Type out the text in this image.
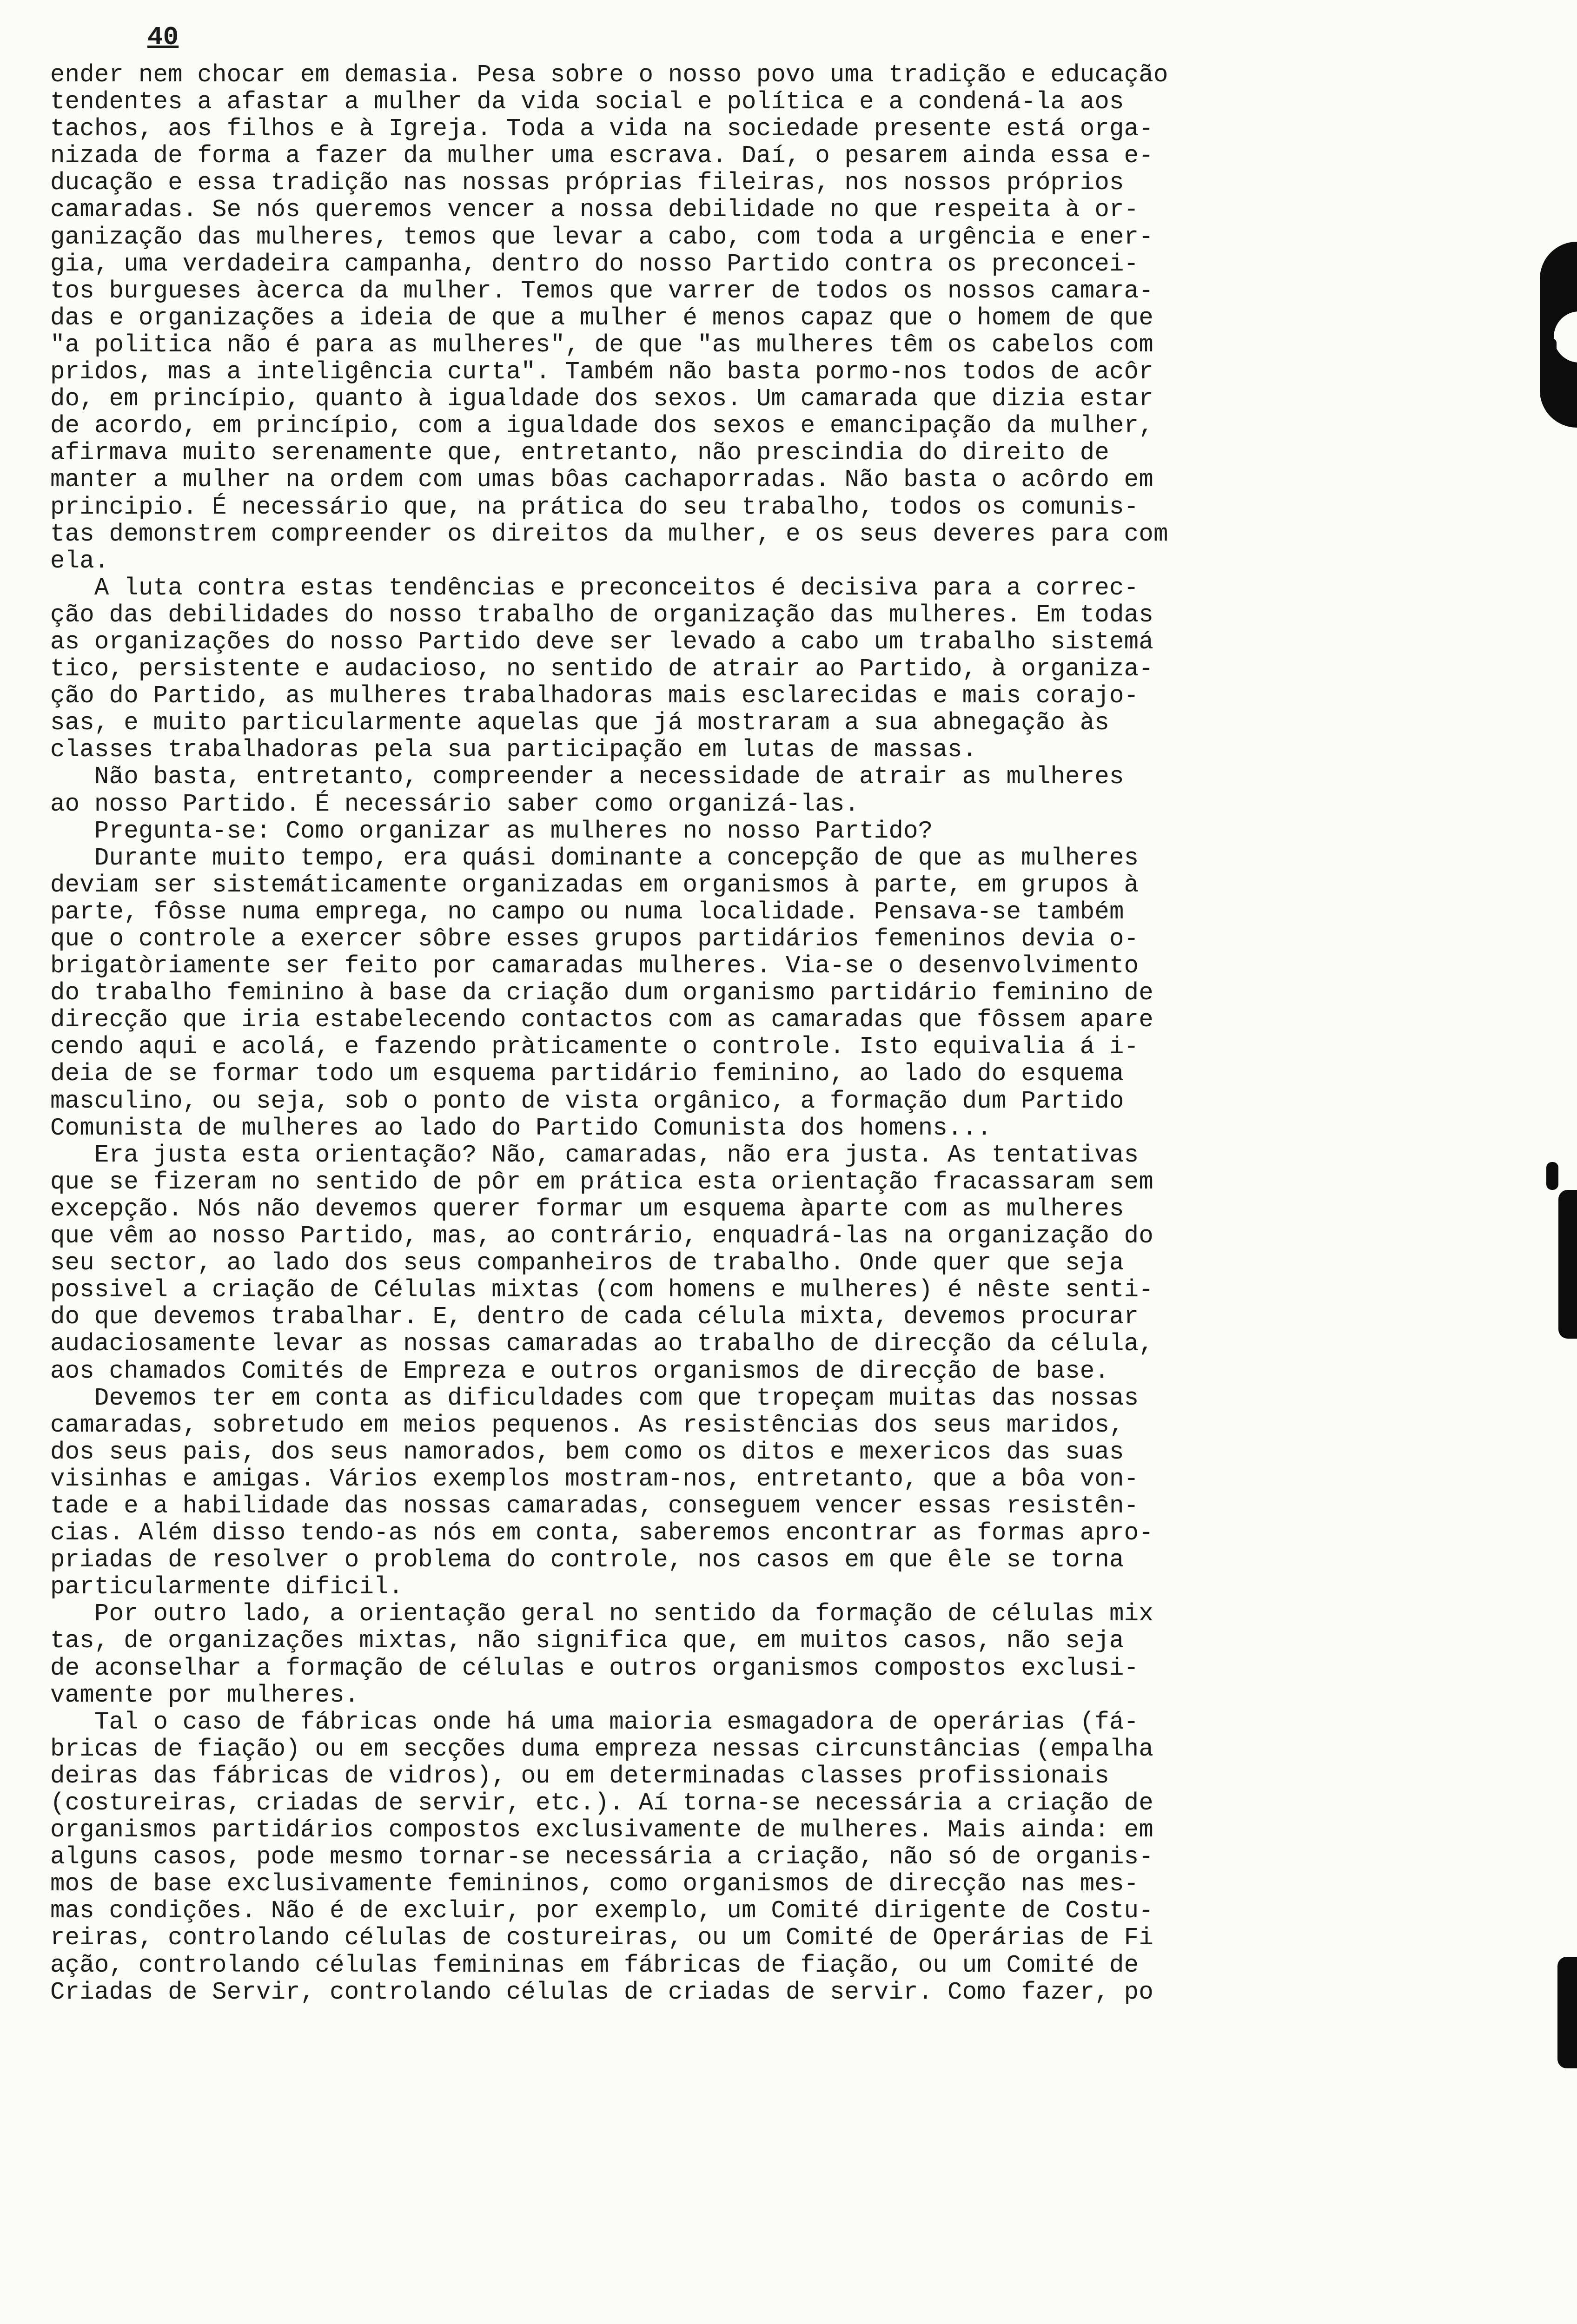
40
ender nem chocar em demasia. Pesa sobre o nosso povo uma tradição e educação
tendentes a afastar a mulher da vida social e política e a condená-la aos
tachos, aos filhos e à Igreja. Toda a vida na sociedade presente está orga-
nizada de forma a fazer da mulher uma escrava. Daí, o pesarem ainda essa e-
ducação e essa tradição nas nossas próprias fileiras, nos nossos próprios
camaradas. Se nós queremos vencer a nossa debilidade no que respeita à or-
ganização das mulheres, temos que levar a cabo, com toda a urgência e ener-
gia, uma verdadeira campanha, dentro do nosso Partido contra os preconcei-
tos burgueses àcerca da mulher. Temos que varrer de todos os nossos camara-
das e organizações a ideia de que a mulher é menos capaz que o homem de que
"a politica não é para as mulheres", de que "as mulheres têm os cabelos com
pridos, mas a inteligência curta". Também não basta pormo-nos todos de acôr
do, em princípio, quanto à igualdade dos sexos. Um camarada que dizia estar
de acordo, em princípio, com a igualdade dos sexos e emancipação da mulher,
afirmava muito serenamente que, entretanto, não prescindia do direito de
manter a mulher na ordem com umas bôas cachaporradas. Não basta o acôrdo em
principio. É necessário que, na prática do seu trabalho, todos os comunis-
tas demonstrem compreender os direitos da mulher, e os seus deveres para com
ela.
A luta contra estas tendências e preconceitos é decisiva para a correc-
ção das debilidades do nosso trabalho de organização das mulheres. Em todas
as organizações do nosso Partido deve ser levado a cabo um trabalho sistemá
tico, persistente e audacioso, no sentido de atrair ao Partido, à organiza-
ção do Partido, as mulheres trabalhadoras mais esclarecidas e mais corajo-
sas, e muito particularmente aquelas que já mostraram a sua abnegação às
classes trabalhadoras pela sua participação em lutas de massas.
Não basta, entretanto, compreender a necessidade de atrair as mulheres
ao nosso Partido. É necessário saber como organizá-las.
Pregunta-se: Como organizar as mulheres no nosso Partido?
Durante muito tempo, era quási dominante a concepção de que as mulheres
deviam ser sistemáticamente organizadas em organismos à parte, em grupos à
parte, fôsse numa emprega, no campo ou numa localidade. Pensava-se também
que o controle a exercer sôbre esses grupos partidários femeninos devia o-
brigatòriamente ser feito por camaradas mulheres. Via-se o desenvolvimento
do trabalho feminino à base da criação dum organismo partidário feminino de
direcção que iria estabelecendo contactos com as camaradas que fôssem apare
cendo aqui e acolá, e fazendo pràticamente o controle. Isto equivalia á i-
deia de se formar todo um esquema partidário feminino, ao lado do esquema
masculino, ou seja, sob o ponto de vista orgânico, a formação dum Partido
Comunista de mulheres ao lado do Partido Comunista dos homens...
Era justa esta orientação? Não, camaradas, não era justa. As tentativas
que se fizeram no sentido de pôr em prática esta orientação fracassaram sem
excepção. Nós não devemos querer formar um esquema àparte com as mulheres
que vêm ao nosso Partido, mas, ao contrário, enquadrá-las na organização do
seu sector, ao lado dos seus companheiros de trabalho. Onde quer que seja
possivel a criação de Células mixtas (com homens e mulheres) é nêste senti-
do que devemos trabalhar. E, dentro de cada célula mixta, devemos procurar
audaciosamente levar as nossas camaradas ao trabalho de direcção da célula,
aos chamados Comités de Emprezа e outros organismos de direcção de base.
Devemos ter em conta as dificuldades com que tropeçam muitas das nossas
camaradas, sobretudo em meios pequenos. As resistências dos seus maridos,
dos seus pais, dos seus namorados, bem como os ditos e mexericos das suas
visinhas e amigas. Vários exemplos mostram-nos, entretanto, que a bôa von-
tade e a habilidade das nossas camaradas, conseguem vencer essas resistên-
cias. Além disso tendo-as nós em conta, saberemos encontrar as formas apro-
priadas de resolver o problema do controle, nos casos em que êle se torna
particularmente dificil.
Por outro lado, a orientação geral no sentido da formação de células mix
tas, de organizações mixtas, não significa que, em muitos casos, não seja
de aconselhar a formação de células e outros organismos compostos exclusi-
vamente por mulheres.
Tal o caso de fábricas onde há uma maioria esmagadora de operárias (fá-
bricas de fiação) ou em secções duma empreza nessas circunstâncias (empalha
deiras das fábricas de vidros), ou em determinadas classes profissionais
(costureiras, criadas de servir, etc.). Aí torna-se necessária a criação de
organismos partidários compostos exclusivamente de mulheres. Mais ainda: em
alguns casos, pode mesmo tornar-se necessária a criação, não só de organis-
mos de base exclusivamente femininos, como organismos de direcção nas mes-
mas condições. Não é de excluir, por exemplo, um Comité dirigente de Costu-
reiras, controlando células de costureiras, ou um Comité de Operárias de Fi
ação, controlando células femininas em fábricas de fiação, ou um Comité de
Criadas de Servir, controlando células de criadas de servir. Como fazer, po
